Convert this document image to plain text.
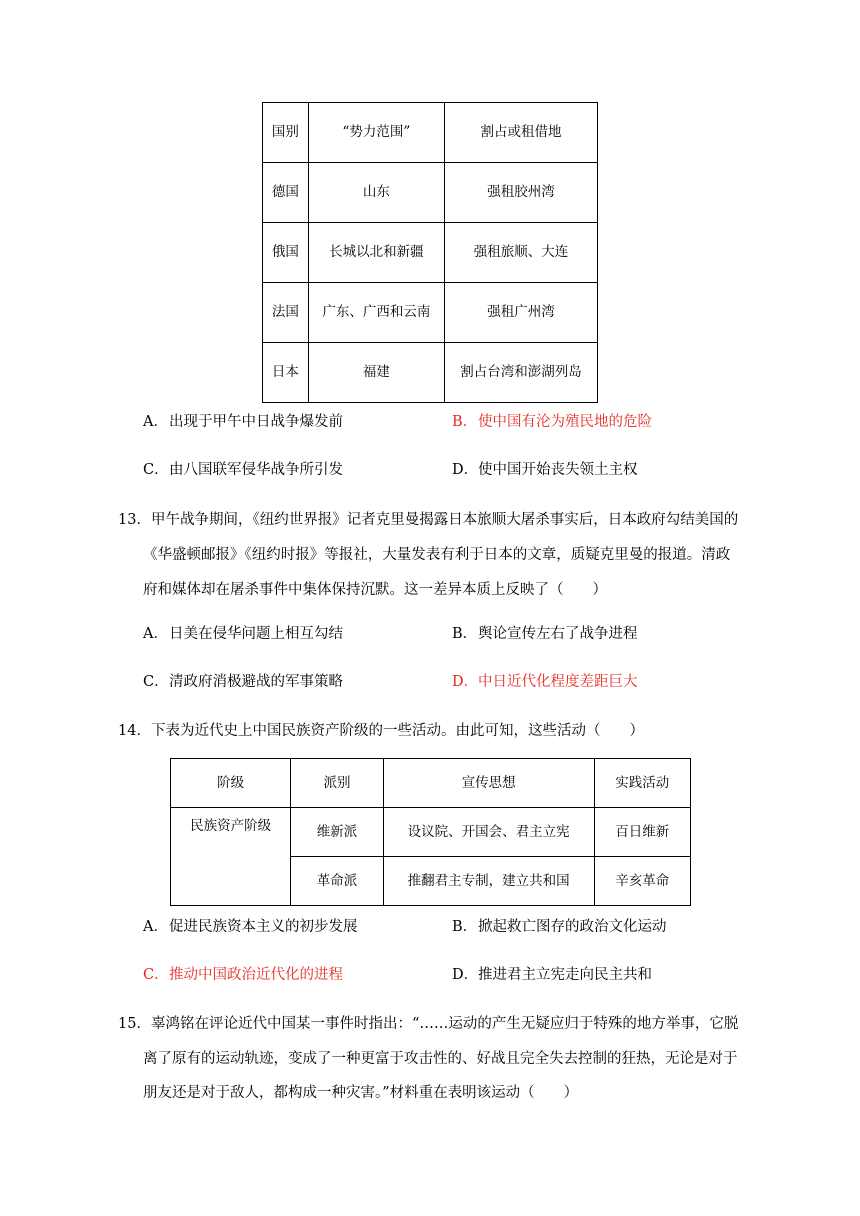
国别	“势力范围”	割占或租借地
德国	山东	强租胶州湾
俄国	长城以北和新疆	强租旅顺、大连
法国	广东、广西和云南	强租广州湾
日本	福建	割占台湾和澎湖列岛
A．出现于甲午中日战争爆发前	B．使中国有沦为殖民地的危险
C．由八国联军侵华战争所引发	D．使中国开始丧失领土主权
13．甲午战争期间，《纽约世界报》记者克里曼揭露日本旅顺大屠杀事实后，日本政府勾结美国的
《华盛顿邮报》《纽约时报》等报社，大量发表有利于日本的文章，质疑克里曼的报道。清政
府和媒体却在屠杀事件中集体保持沉默。这一差异本质上反映了（　　）
A．日美在侵华问题上相互勾结	B．舆论宣传左右了战争进程
C．清政府消极避战的军事策略	D．中日近代化程度差距巨大
14．下表为近代史上中国民族资产阶级的一些活动。由此可知，这些活动（　　）
阶级	派别	宣传思想	实践活动
民族资产阶级	维新派	设议院、开国会、君主立宪	百日维新
	革命派	推翻君主专制，建立共和国	辛亥革命
A．促进民族资本主义的初步发展	B．掀起救亡图存的政治文化运动
C．推动中国政治近代化的进程	D．推进君主立宪走向民主共和
15．辜鸿铭在评论近代中国某一事件时指出：“……运动的产生无疑应归于特殊的地方举事，它脱
离了原有的运动轨迹，变成了一种更富于攻击性的、好战且完全失去控制的狂热，无论是对于
朋友还是对于敌人，都构成一种灾害。”材料重在表明该运动（　　）
